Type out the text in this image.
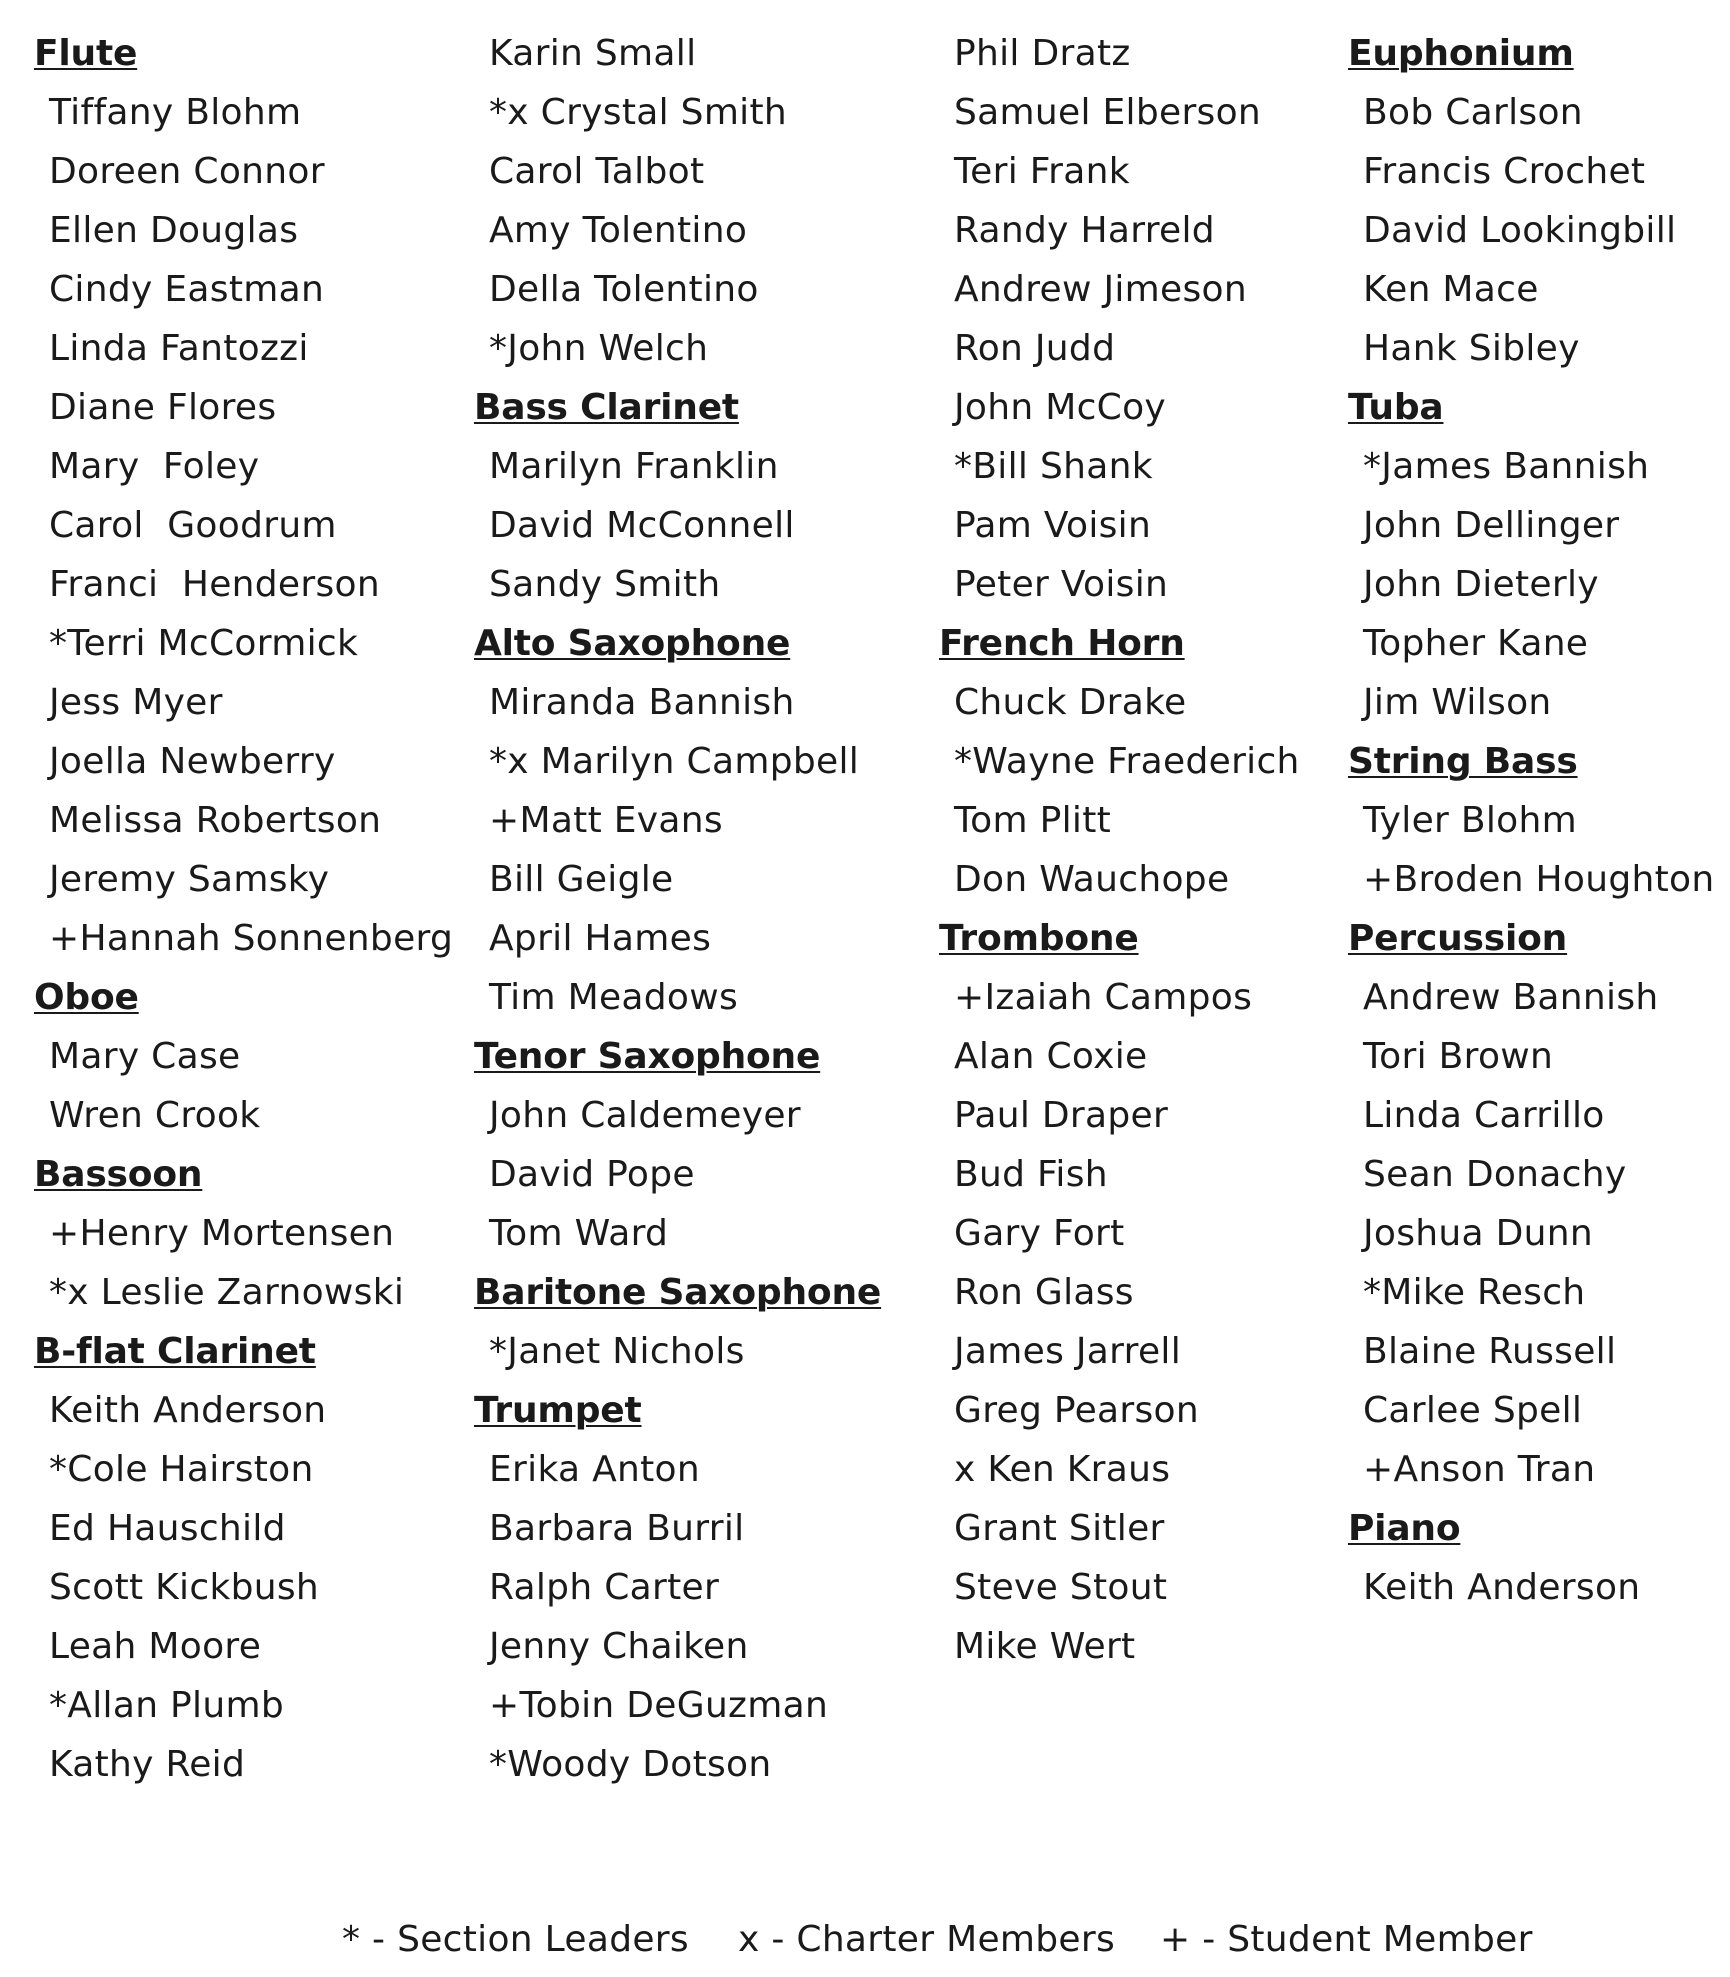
Flute
Tiffany Blohm
Doreen Connor
Ellen Douglas
Cindy Eastman
Linda Fantozzi
Diane Flores
Mary  Foley
Carol  Goodrum
Franci  Henderson
*Terri McCormick
Jess Myer
Joella Newberry
Melissa Robertson
Jeremy Samsky
+Hannah Sonnenberg
Oboe
Mary Case
Wren Crook
Bassoon
+Henry Mortensen
*x Leslie Zarnowski
B-flat Clarinet
Keith Anderson
*Cole Hairston
Ed Hauschild
Scott Kickbush
Leah Moore
*Allan Plumb
Kathy Reid
Karin Small
*x Crystal Smith
Carol Talbot
Amy Tolentino
Della Tolentino
*John Welch
Bass Clarinet
Marilyn Franklin
David McConnell
Sandy Smith
Alto Saxophone
Miranda Bannish
*x Marilyn Campbell
+Matt Evans
Bill Geigle
April Hames
Tim Meadows
Tenor Saxophone
John Caldemeyer
David Pope
Tom Ward
Baritone Saxophone
*Janet Nichols
Trumpet
Erika Anton
Barbara Burril
Ralph Carter
Jenny Chaiken
+Tobin DeGuzman
*Woody Dotson
Phil Dratz
Samuel Elberson
Teri Frank
Randy Harreld
Andrew Jimeson
Ron Judd
John McCoy
*Bill Shank
Pam Voisin
Peter Voisin
French Horn
Chuck Drake
*Wayne Fraederich
Tom Plitt
Don Wauchope
Trombone
+Izaiah Campos
Alan Coxie
Paul Draper
Bud Fish
Gary Fort
Ron Glass
James Jarrell
Greg Pearson
x Ken Kraus
Grant Sitler
Steve Stout
Mike Wert
Euphonium
Bob Carlson
Francis Crochet
David Lookingbill
Ken Mace
Hank Sibley
Tuba
*James Bannish
John Dellinger
John Dieterly
Topher Kane
Jim Wilson
String Bass
Tyler Blohm
+Broden Houghton
Percussion
Andrew Bannish
Tori Brown
Linda Carrillo
Sean Donachy
Joshua Dunn
*Mike Resch
Blaine Russell
Carlee Spell
+Anson Tran
Piano
Keith Anderson
* - Section Leaders x - Charter Members + - Student Member
